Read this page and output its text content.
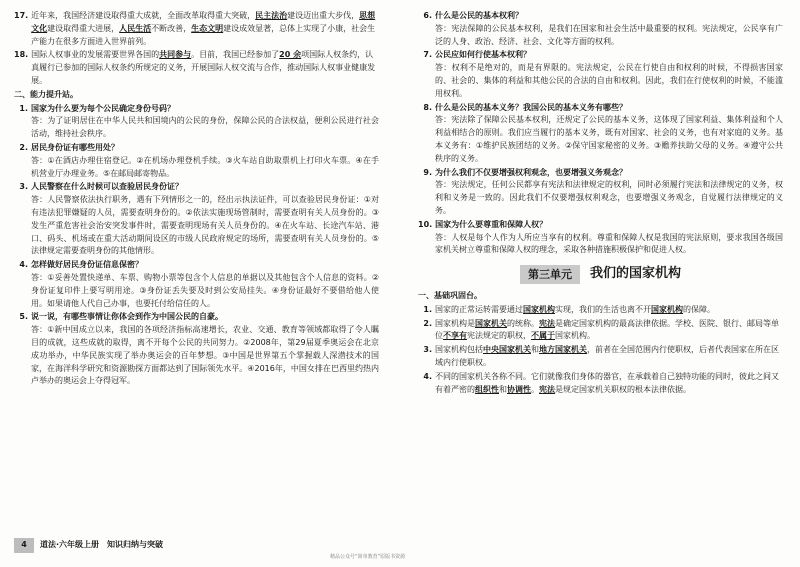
17. 近年来，我国经济建设取得重大成就，全面改革取得重大突破，民主法治建设迈出重大步伐，思想文化建设取得重大进展，人民生活不断改善，生态文明建设成效显著，总体上实现了小康，社会生产能力在很多方面进入世界前列。
18. 国际人权事业的发展需要世界各国的共同参与。目前，我国已经参加了20 余项国际人权条约，认真履行已参加的国际人权条约所规定的义务，开展国际人权交流与合作，推动国际人权事业健康发展。
二、能力提升站。
1. 国家为什么要为每个公民确定身份号码？
答：为了证明居住在中华人民共和国境内的公民的身份，保障公民的合法权益，便利公民进行社会活动，维持社会秩序。
2. 居民身份证有哪些用处？
答：①在酒店办理住宿登记。②在机场办理登机手续。③火车站自助取票机上打印火车票。④在手机营业厅办理业务。⑤在邮局邮寄物品。
3. 人民警察在什么时候可以查验居民身份证？
答：人民警察依法执行职务，遇有下列情形之一的，经出示执法证件，可以查验居民身份证：①对有违法犯罪嫌疑的人员，需要查明身份的。②依法实施现场管制时，需要查明有关人员身份的。③发生严重危害社会治安突发事件时，需要查明现场有关人员身份的。④在火车站、长途汽车站、港口、码头、机场或在重大活动期间设区的市级人民政府规定的场所，需要查明有关人员身份的。⑤法律规定需要查明身份的其他情形。
4. 怎样做好居民身份证信息保密？
答：①妥善处置快递单、车票、购物小票等包含个人信息的单据以及其他包含个人信息的资料。②身份证复印件上要写明用途。③身份证丢失要及时到公安局挂失。④身份证最好不要借给他人使用。如果请他人代自己办事，也要托付给信任的人。
5. 说一说，有哪些事情让你体会到作为中国公民的自豪。
答：①新中国成立以来，我国的各项经济指标高速增长，农业、交通、教育等领域都取得了令人瞩目的成就，这些成就的取得，离不开每个公民的共同努力。②2008年，第29届夏季奥运会在北京成功举办，中华民族实现了举办奥运会的百年梦想。③中国是世界第五个掌握载人深潜技术的国家，在海洋科学研究和资源勘探方面都达到了国际领先水平。④2016年，中国女排在巴西里约热内卢举办的奥运会上夺得冠军。
6. 什么是公民的基本权利？
答：宪法保障的公民基本权利，是我们在国家和社会生活中最重要的权利。宪法规定，公民享有广泛的人身、政治、经济、社会、文化等方面的权利。
7. 公民应如何行使基本权利？
答：权利不是绝对的，而是有界限的。宪法规定，公民在行使自由和权利的时候，不得损害国家的、社会的、集体的利益和其他公民的合法的自由和权利。因此，我们在行使权利的时候，不能滥用权利。
8. 什么是公民的基本义务？我国公民的基本义务有哪些？
答：宪法除了保障公民基本权利，还规定了公民的基本义务，这体现了国家利益、集体利益和个人利益相结合的原则。我们应当履行的基本义务，既有对国家、社会的义务，也有对家庭的义务。基本义务有：①维护民族团结的义务。②保守国家秘密的义务。③赡养扶助父母的义务。④遵守公共秩序的义务。
9. 为什么我们不仅要增强权利观念，也要增强义务观念？
答：宪法规定，任何公民都享有宪法和法律规定的权利，同时必须履行宪法和法律规定的义务，权利和义务是一致的。因此我们不仅要增强权利观念，也要增强义务观念，自觉履行法律规定的义务。
10. 国家为什么要尊重和保障人权？
答：人权是每个人作为人所应当享有的权利。尊重和保障人权是我国的宪法原则，要求我国各级国家机关树立尊重和保障人权的理念，采取各种措施积极保护和促进人权。
第三单元	我们的国家机构
一、基础巩固台。
1. 国家的正常运转需要通过国家机构实现，我们的生活也离不开国家机构的保障。
2. 国家机构是国家机关的统称。宪法是确定国家机构的最高法律依据。学校、医院、银行、邮局等单位不享有宪法规定的职权，不属于国家机构。
3. 国家机构包括中央国家机关和地方国家机关，前者在全国范围内行使职权，后者代表国家在所在区域内行使职权。
4. 不同的国家机关各称不同。它们就像我们身体的器官，在承载着自己独特功能的同时，彼此之间又有着严密的组织性和协调性。宪法是规定国家机关职权的根本法律依据。
4	道法·六年级上册　知识归纳与突破
精品公众号“简单教育”原版书资源
